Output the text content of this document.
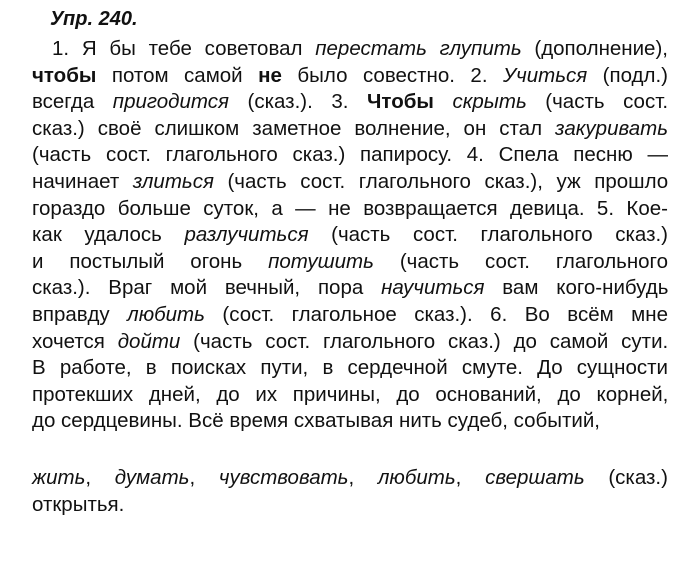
Упр. 240.
1. Я бы тебе советовал перестать глупить (дополнение),
чтобы потом самой не было совестно. 2. Учиться (подл.)
всегда пригодится (сказ.). 3. Чтобы скрыть (часть сост.
сказ.) своё слишком заметное волнение, он стал закуривать
(часть сост. глагольного сказ.) папиросу. 4. Спела песню —
начинает злиться (часть сост. глагольного сказ.), уж прошло
гораздо больше суток, а — не возвращается девица. 5. Кое-
как удалось разлучиться (часть сост. глагольного сказ.)
и постылый огонь потушить (часть сост. глагольного
сказ.). Враг мой вечный, пора научиться вам кого-нибудь
вправду любить (сост. глагольное сказ.). 6. Во всём мне
хочется дойти (часть сост. глагольного сказ.) до самой сути.
В работе, в поисках пути, в сердечной смуте. До сущности
протекших дней, до их причины, до оснований, до корней,
до сердцевины. Всё время схватывая нить судеб, событий,
жить, думать, чувствовать, любить, свершать (сказ.)
открытья.
